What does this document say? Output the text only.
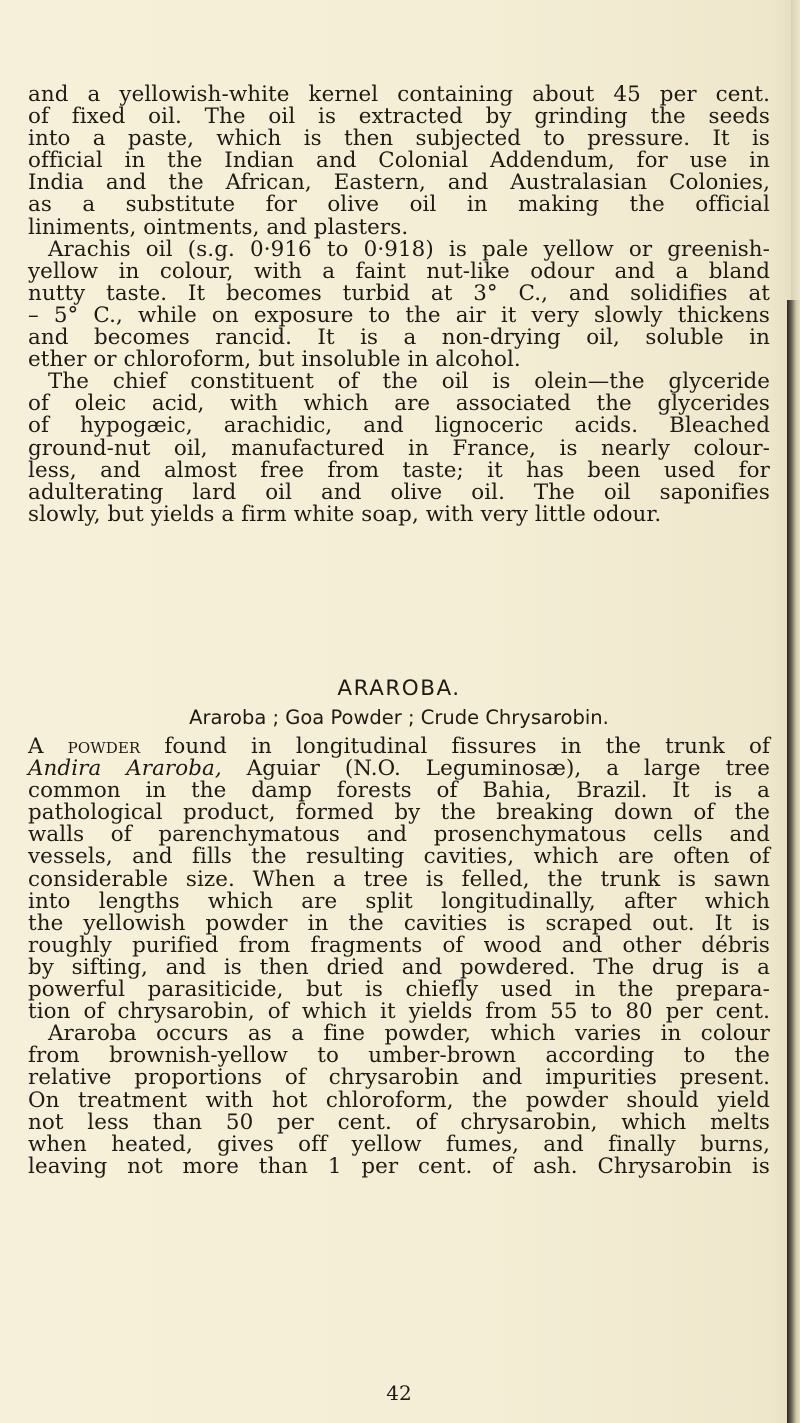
and a yellowish-white kernel containing about 45 per cent.
of fixed oil. The oil is extracted by grinding the seeds
into a paste, which is then subjected to pressure. It is
official in the Indian and Colonial Addendum, for use in
India and the African, Eastern, and Australasian Colonies,
as a substitute for olive oil in making the official
liniments, ointments, and plasters.
Arachis oil (s.g. 0·916 to 0·918) is pale yellow or greenish-
yellow in colour, with a faint nut-like odour and a bland
nutty taste. It becomes turbid at 3° C., and solidifies at
– 5° C., while on exposure to the air it very slowly thickens
and becomes rancid. It is a non-drying oil, soluble in
ether or chloroform, but insoluble in alcohol.
The chief constituent of the oil is olein—the glyceride
of oleic acid, with which are associated the glycerides
of hypogæic, arachidic, and lignoceric acids. Bleached
ground-nut oil, manufactured in France, is nearly colour-
less, and almost free from taste; it has been used for
adulterating lard oil and olive oil. The oil saponifies
slowly, but yields a firm white soap, with very little odour.
ARAROBA.
Araroba ; Goa Powder ; Crude Chrysarobin.
A powder found in longitudinal fissures in the trunk of
Andira Araroba, Aguiar (N.O. Leguminosæ), a large tree
common in the damp forests of Bahia, Brazil. It is a
pathological product, formed by the breaking down of the
walls of parenchymatous and prosenchymatous cells and
vessels, and fills the resulting cavities, which are often of
considerable size. When a tree is felled, the trunk is sawn
into lengths which are split longitudinally, after which
the yellowish powder in the cavities is scraped out. It is
roughly purified from fragments of wood and other débris
by sifting, and is then dried and powdered. The drug is a
powerful parasiticide, but is chiefly used in the prepara-
tion of chrysarobin, of which it yields from 55 to 80 per cent.
Araroba occurs as a fine powder, which varies in colour
from brownish-yellow to umber-brown according to the
relative proportions of chrysarobin and impurities present.
On treatment with hot chloroform, the powder should yield
not less than 50 per cent. of chrysarobin, which melts
when heated, gives off yellow fumes, and finally burns,
leaving not more than 1 per cent. of ash. Chrysarobin is
42
